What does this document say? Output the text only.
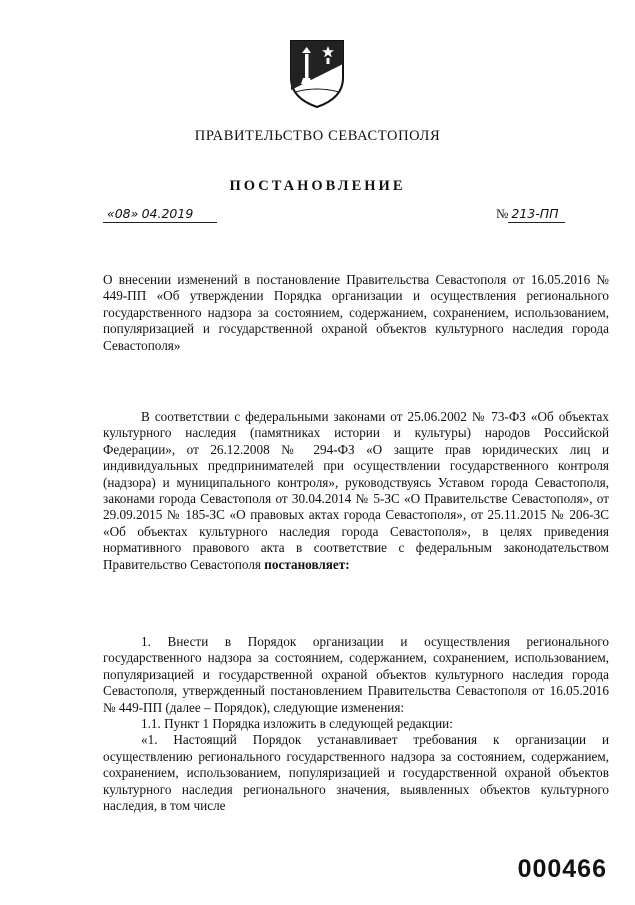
ПРАВИТЕЛЬСТВО СЕВАСТОПОЛЯ
ПОСТАНОВЛЕНИЕ
«08» 04.2019	№ 213-ПП

О внесении изменений в постановление Правительства Севастополя от 16.05.2016 № 449-ПП «Об утверждении Порядка организации и осуществления регионального государственного надзора за состоянием, содержанием, сохранением, использованием, популяризацией и государственной охраной объектов культурного наследия города Севастополя»

В соответствии с федеральными законами от 25.06.2002 № 73-ФЗ «Об объектах культурного наследия (памятниках истории и культуры) народов Российской Федерации», от 26.12.2008 № 294-ФЗ «О защите прав юридических лиц и индивидуальных предпринимателей при осуществлении государственного контроля (надзора) и муниципального контроля», руководствуясь Уставом города Севастополя, законами города Севастополя от 30.04.2014 № 5-ЗС «О Правительстве Севастополя», от 29.09.2015 № 185-ЗС «О правовых актах города Севастополя», от 25.11.2015 № 206-ЗС «Об объектах культурного наследия города Севастополя», в целях приведения нормативного правового акта в соответствие с федеральным законодательством Правительство Севастополя постановляет:

1. Внести в Порядок организации и осуществления регионального государственного надзора за состоянием, содержанием, сохранением, использованием, популяризацией и государственной охраной объектов культурного наследия города Севастополя, утвержденный постановлением Правительства Севастополя от 16.05.2016 № 449-ПП (далее – Порядок), следующие изменения:

1.1. Пункт 1 Порядка изложить в следующей редакции:

«1. Настоящий Порядок устанавливает требования к организации и осуществлению регионального государственного надзора за состоянием, содержанием, сохранением, использованием, популяризацией и государственной охраной объектов культурного наследия регионального значения, выявленных объектов культурного наследия, в том числе

000466
